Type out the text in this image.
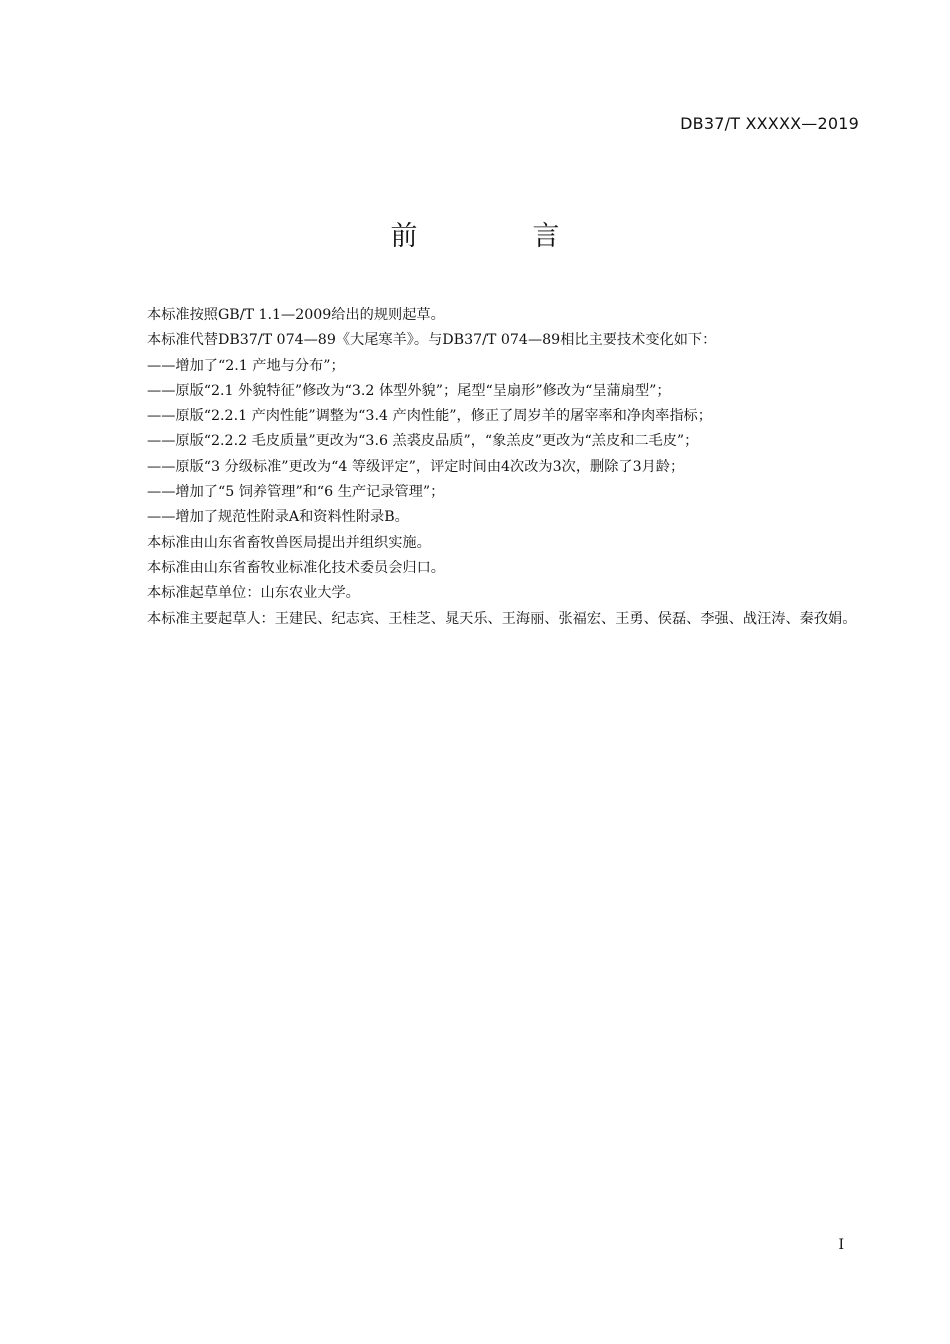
DB37/T XXXXX—2019
前　言

本标准按照GB/T 1.1—2009给出的规则起草。

本标准代替DB37/T 074—89《大尾寒羊》。与DB37/T 074—89相比主要技术变化如下：

——增加了“2.1 产地与分布”；

——原版“2.1 外貌特征”修改为“3.2 体型外貌”；尾型“呈扇形”修改为“呈蒲扇型”；

——原版“2.2.1 产肉性能”调整为“3.4 产肉性能”，修正了周岁羊的屠宰率和净肉率指标；

——原版“2.2.2 毛皮质量”更改为“3.6 羔裘皮品质”，“象羔皮”更改为“羔皮和二毛皮”；

——原版“3 分级标准”更改为“4 等级评定”，评定时间由4次改为3次，删除了3月龄；

——增加了“5 饲养管理”和“6 生产记录管理”；

——增加了规范性附录A和资料性附录B。

本标准由山东省畜牧兽医局提出并组织实施。

本标准由山东省畜牧业标准化技术委员会归口。

本标准起草单位：山东农业大学。

本标准主要起草人：王建民、纪志宾、王桂芝、晁天乐、王海丽、张福宏、王勇、侯磊、李强、战汪涛、秦孜娟。

I
